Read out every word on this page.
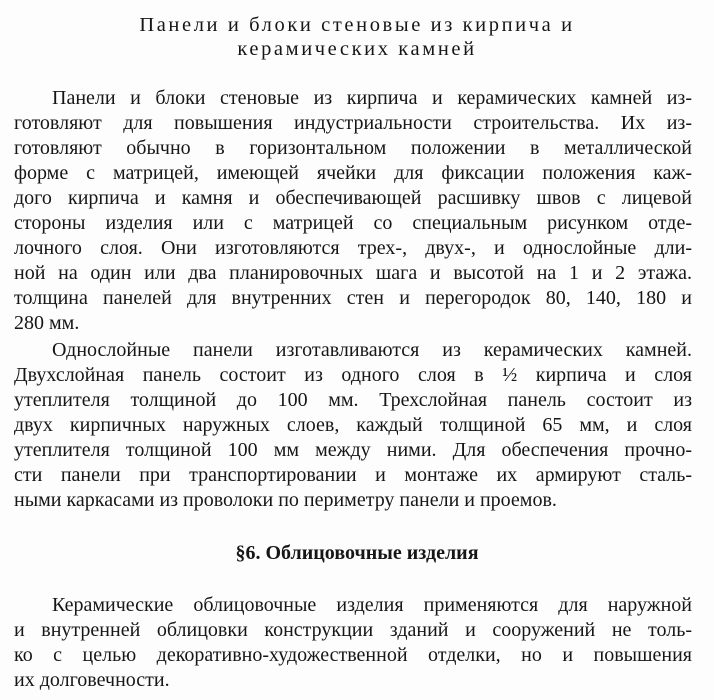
Панели и блоки стеновые из кирпича и
керамических камней
Панели и блоки стеновые из кирпича и керамических камней из-
готовляют для повышения индустриальности строительства. Их из-
готовляют обычно в горизонтальном положении в металлической
форме с матрицей, имеющей ячейки для фиксации положения каж-
дого кирпича и камня и обеспечивающей расшивку швов с лицевой
стороны изделия или с матрицей со специальным рисунком отде-
лочного слоя. Они изготовляются трех-, двух-, и однослойные дли-
ной на один или два планировочных шага и высотой на 1 и 2 этажа.
толщина панелей для внутренних стен и перегородок 80, 140, 180 и
280 мм.
Однослойные панели изготавливаются из керамических камней.
Двухслойная панель состоит из одного слоя в ½ кирпича и слоя
утеплителя толщиной до 100 мм. Трехслойная панель состоит из
двух кирпичных наружных слоев, каждый толщиной 65 мм, и слоя
утеплителя толщиной 100 мм между ними. Для обеспечения прочно-
сти панели при транспортировании и монтаже их армируют сталь-
ными каркасами из проволоки по периметру панели и проемов.
§6. Облицовочные изделия
Керамические облицовочные изделия применяются для наружной
и внутренней облицовки конструкции зданий и сооружений не толь-
ко с целью декоративно-художественной отделки, но и повышения
их долговечности.
